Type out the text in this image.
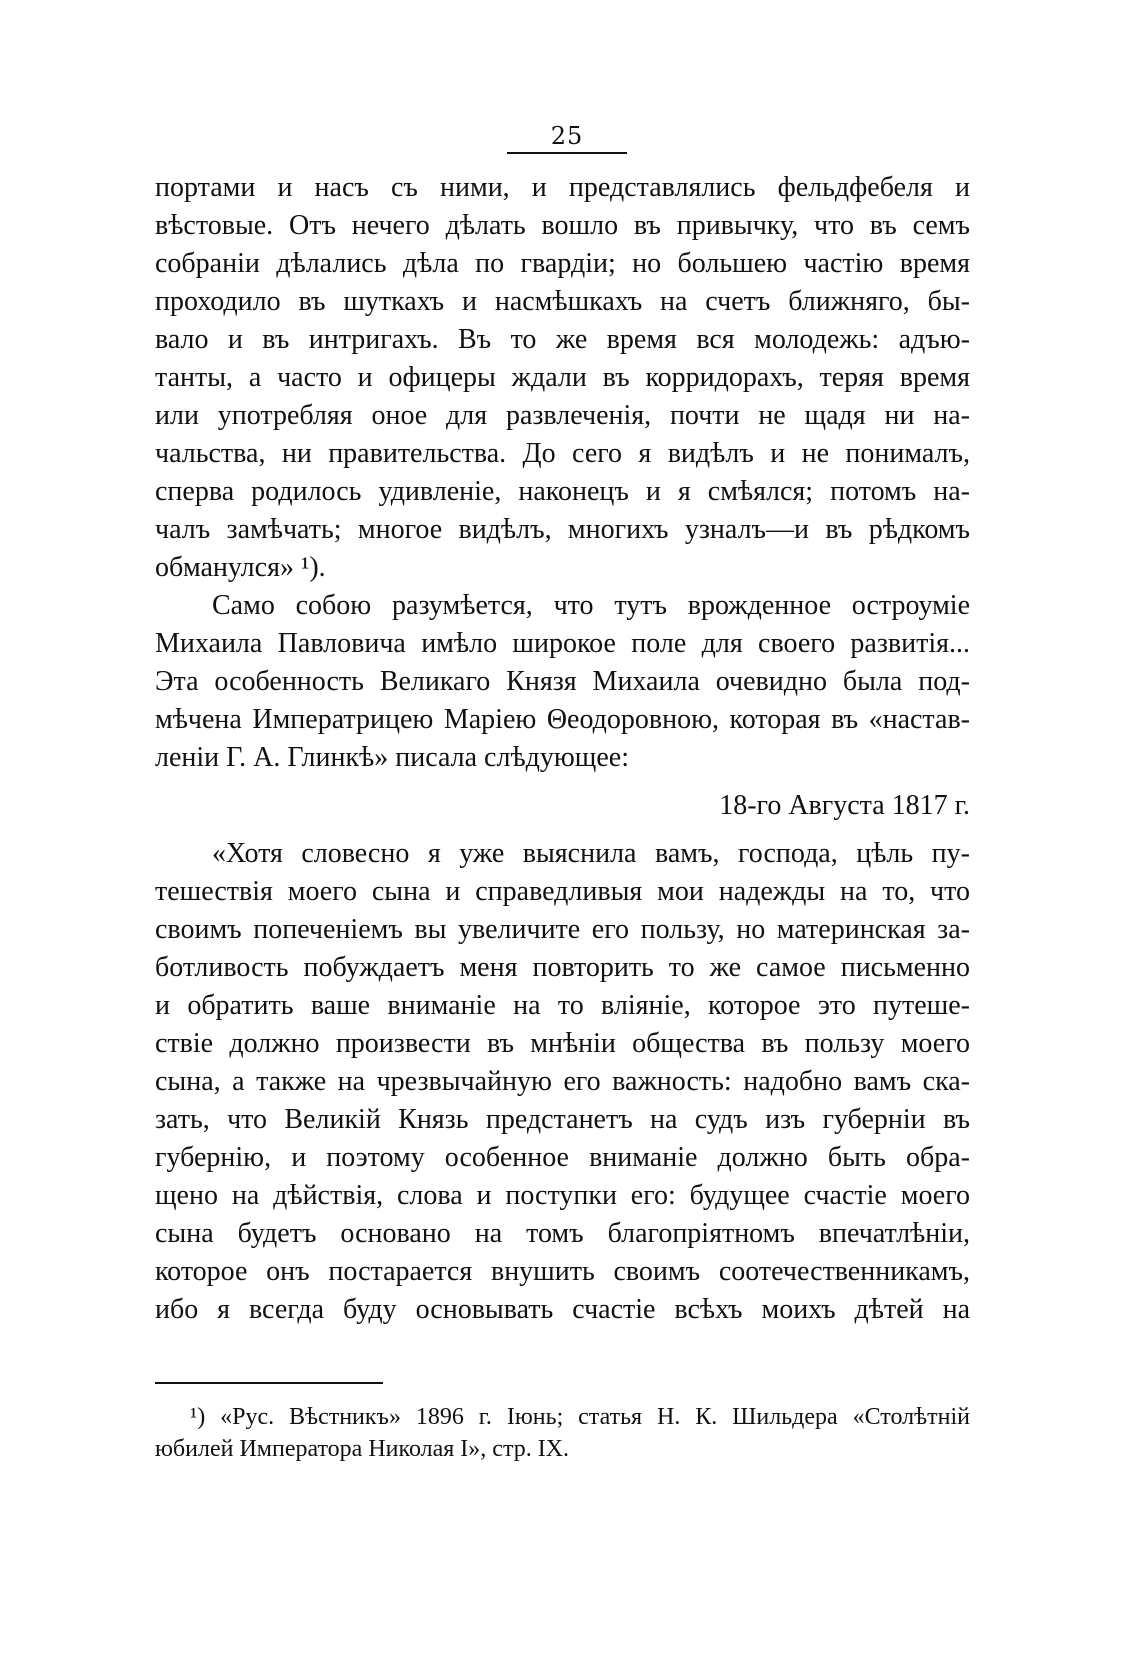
25
портами и насъ съ ними, и представлялись фельдфебеля и
вѣстовые. Отъ нечего дѣлать вошло въ привычку, что въ семъ
собранiи дѣлались дѣла по гвардiи; но большею частiю время
проходило въ шуткахъ и насмѣшкахъ на счетъ ближняго, бы-
вало и въ интригахъ. Въ то же время вся молодежь: адъю-
танты, а часто и офицеры ждали въ корридорахъ, теряя время
или употребляя оное для развлеченiя, почти не щадя ни на-
чальства, ни правительства. До сего я видѣлъ и не понималъ,
сперва родилось удивленiе, наконецъ и я смѣялся; потомъ на-
чалъ замѣчать; многое видѣлъ, многихъ узналъ—и въ рѣдкомъ
обманулся» ¹).
Само собою разумѣется, что тутъ врожденное остроумiе
Михаила Павловича имѣло широкое поле для своего развитiя...
Эта особенность Великаго Князя Михаила очевидно была под-
мѣчена Императрицею Марiею Θеодоровною, которая въ «настав-
ленiи Г. А. Глинкѣ» писала слѣдующее:
18-го Августа 1817 г.
«Хотя словесно я уже выяснила вамъ, господа, цѣль пу-
тешествiя моего сына и справедливыя мои надежды на то, что
своимъ попеченiемъ вы увеличите его пользу, но материнская за-
ботливость побуждаетъ меня повторить то же самое письменно
и обратить ваше вниманiе на то влiянiе, которое это путеше-
ствiе должно произвести въ мнѣнiи общества въ пользу моего
сына, а также на чрезвычайную его важность: надобно вамъ ска-
зать, что Великiй Князь предстанетъ на судъ изъ губернiи въ
губернiю, и поэтому особенное вниманiе должно быть обра-
щено на дѣйствiя, слова и поступки его: будущее счастiе моего
сына будетъ основано на томъ благопрiятномъ впечатлѣнiи,
которое онъ постарается внушить своимъ соотечественникамъ,
ибо я всегда буду основывать счастiе всѣхъ моихъ дѣтей на
¹) «Рус. Вѣстникъ» 1896 г. Іюнь; статья Н. К. Шильдера «Столѣтнiй
юбилей Императора Николая I», стр. IX.
